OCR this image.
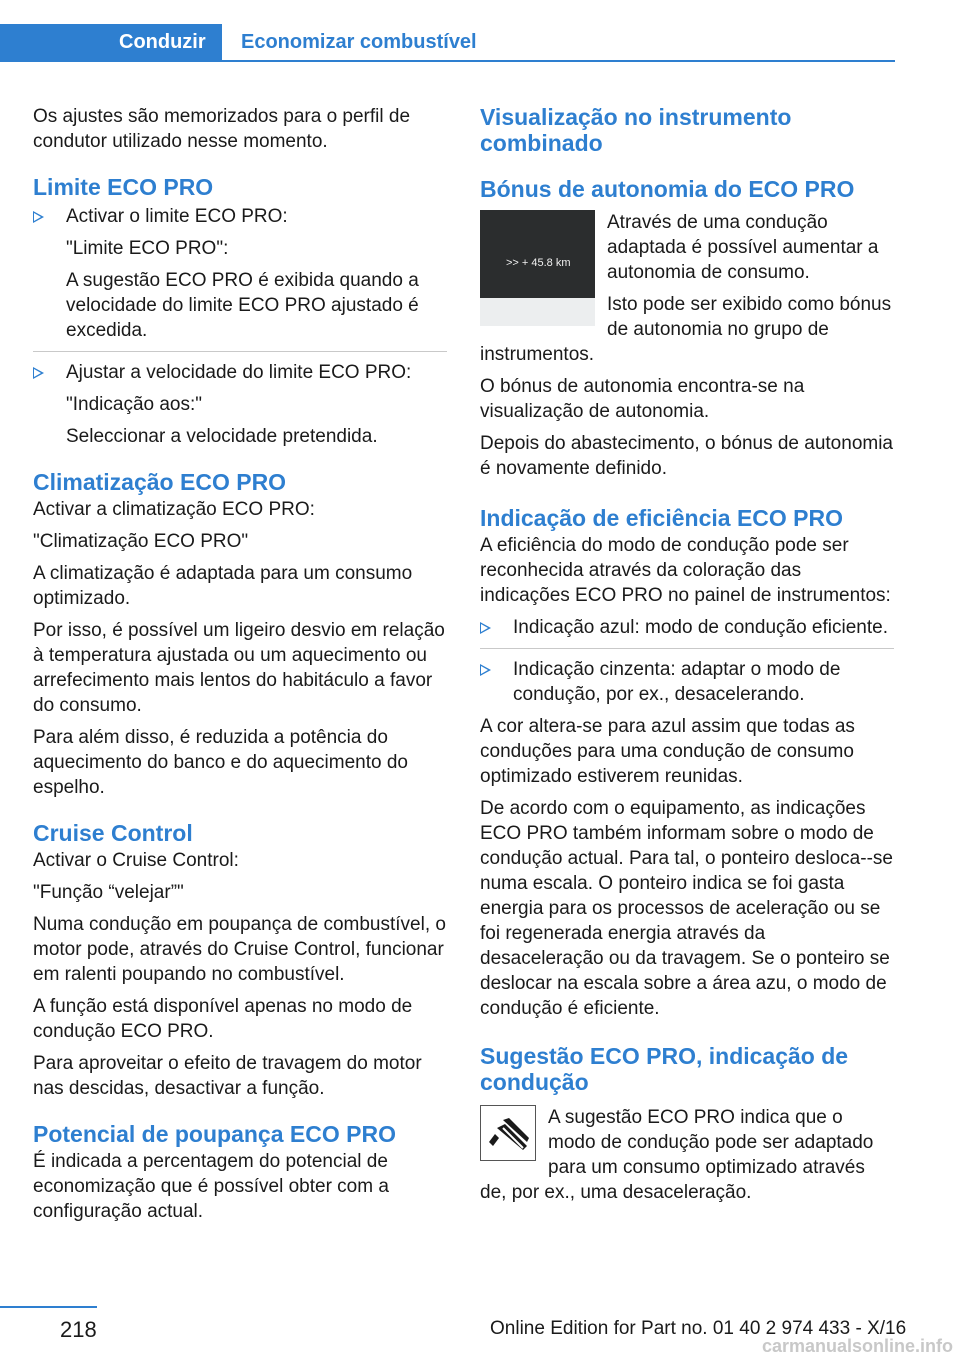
Conduzir Economizar combustível

Os ajustes são memorizados para o perfil de condutor utilizado nesse momento.

Limite ECO PRO

Activar o limite ECO PRO:

"Limite ECO PRO":

A sugestão ECO PRO é exibida quando a velocidade do limite ECO PRO ajustado é excedida.

Ajustar a velocidade do limite ECO PRO:

"Indicação aos:"

Seleccionar a velocidade pretendida.

Climatização ECO PRO

Activar a climatização ECO PRO:

"Climatização ECO PRO"

A climatização é adaptada para um consumo optimizado.

Por isso, é possível um ligeiro desvio em relação à temperatura ajustada ou um aquecimento ou arrefecimento mais lentos do habitáculo a favor do consumo.

Para além disso, é reduzida a potência do aquecimento do banco e do aquecimento do espelho.

Cruise Control

Activar o Cruise Control:

"Função “velejar”"

Numa condução em poupança de combustível, o motor pode, através do Cruise Control, funcionar em ralenti poupando no combustível.

A função está disponível apenas no modo de condução ECO PRO.

Para aproveitar o efeito de travagem do motor nas descidas, desactivar a função.

Potencial de poupança ECO PRO

É indicada a percentagem do potencial de economização que é possível obter com a configuração actual.

Visualização no instrumento combinado
Bónus de autonomia do ECO PRO
>> + 45.8 km

Através de uma condução adaptada é possível aumentar a autonomia de consumo.

Isto pode ser exibido como bónus de autonomia no grupo de instrumentos.

O bónus de autonomia encontra-se na visualização de autonomia.

Depois do abastecimento, o bónus de autonomia é novamente definido.

Indicação de eficiência ECO PRO

A eficiência do modo de condução pode ser reconhecida através da coloração das indicações ECO PRO no painel de instrumentos:

Indicação azul: modo de condução eficiente.

Indicação cinzenta: adaptar o modo de condução, por ex., desacelerando.

A cor altera-se para azul assim que todas as conduções para uma condução de consumo optimizado estiverem reunidas.

De acordo com o equipamento, as indicações ECO PRO também informam sobre o modo de condução actual. Para tal, o ponteiro desloca--se numa escala. O ponteiro indica se foi gasta energia para os processos de aceleração ou se foi regenerada energia através da desaceleração ou da travagem. Se o ponteiro se deslocar na escala sobre a área azu, o modo de condução é eficiente.

Sugestão ECO PRO, indicação de condução

A sugestão ECO PRO indica que o modo de condução pode ser adaptado para um consumo optimizado através de, por ex., uma desaceleração.

218	Online Edition for Part no. 01 40 2 974 433 - X/16
carmanualsonline.info
